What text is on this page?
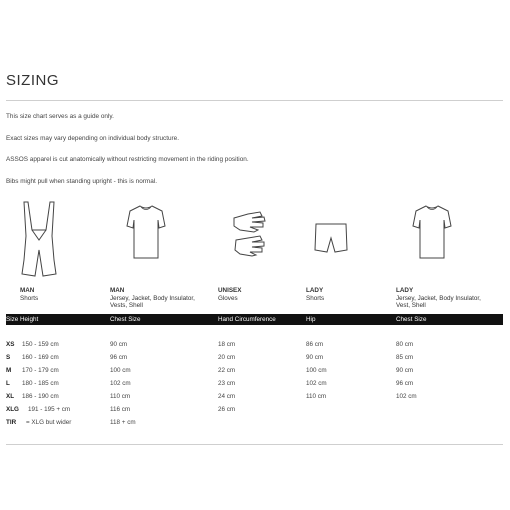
SIZING
This size chart serves as a guide only.
Exact sizes may vary depending on individual body structure.
ASSOS apparel is cut anatomically without restricting movement in the riding position.
Bibs might pull when standing upright - this is normal.
MAN
Shorts
MAN
Jersey, Jacket, Body Insulator, Vests, Shell
UNISEX
Gloves
LADY
Shorts
LADY
Jersey, Jacket, Body Insulator, Vest, Shell
Size Height	Chest Size	Hand Circumference	Hip	Chest Size
XS 150 - 159 cm	90 cm	18 cm	86 cm	80 cm
S 160 - 169 cm	96 cm	20 cm	90 cm	85 cm
M 170 - 179 cm	100 cm	22 cm	100 cm	90 cm
L 180 - 185 cm	102 cm	23 cm	102 cm	96 cm
XL 186 - 190 cm	110 cm	24 cm	110 cm	102 cm
XLG 191 - 195 + cm	116 cm	26 cm
TIR = XLG but wider	118 + cm
